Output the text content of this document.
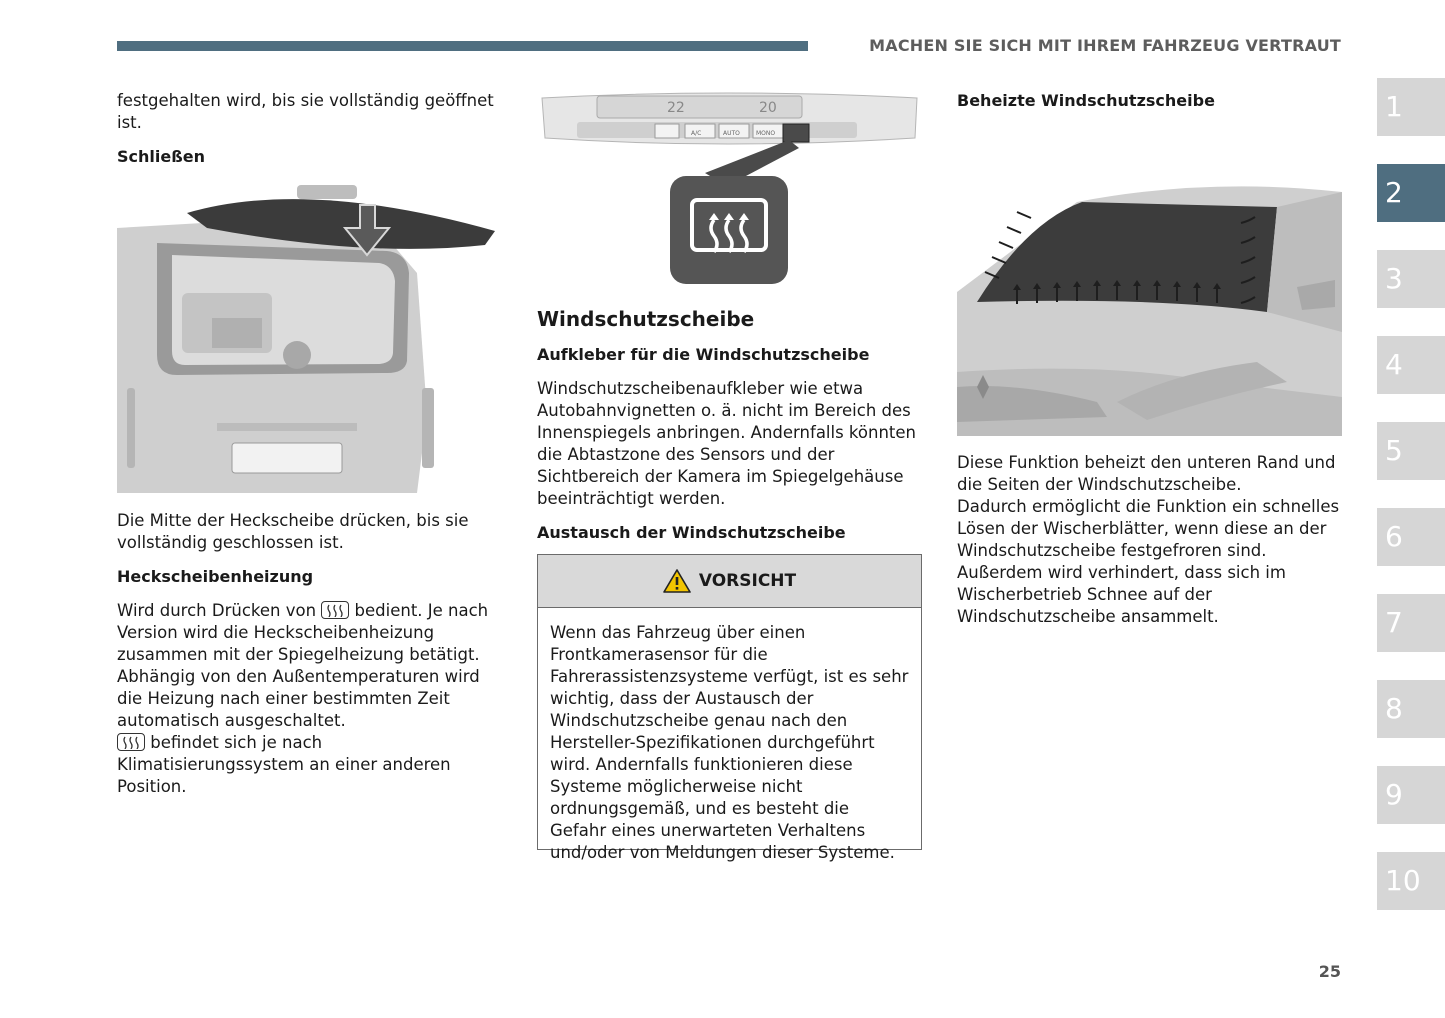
MACHEN SIE SICH MIT IHREM FAHRZEUG VERTRAUT

festgehalten wird, bis sie vollständig geöffnet ist.

Schließen

Die Mitte der Heckscheibe drücken, bis sie vollständig geschlossen ist.

Heckscheibenheizung

Wird durch Drücken von bedient. Je nach Version wird die Heckscheibenheizung zusammen mit der Spiegelheizung betätigt.

Abhängig von den Außentemperaturen wird die Heizung nach einer bestimmten Zeit automatisch ausgeschaltet.

befindet sich je nach Klimatisierungssystem an einer anderen Position.

22	20
A/C	AUTO	MONO

Windschutzscheibe

Aufkleber für die Windschutzscheibe

Windschutzscheibenaufkleber wie etwa Autobahnvignetten o. ä. nicht im Bereich des Innenspiegels anbringen. Andernfalls könnten die Abtastzone des Sensors und der Sichtbereich der Kamera im Spiegelgehäuse beeinträchtigt werden.

Austausch der Windschutzscheibe

VORSICHT
Wenn das Fahrzeug über einen Frontkamerasensor für die Fahrerassistenzsysteme verfügt, ist es sehr wichtig, dass der Austausch der Windschutzscheibe genau nach den Hersteller-Spezifikationen durchgeführt wird. Andernfalls funktionieren diese Systeme möglicherweise nicht ordnungsgemäß, und es besteht die Gefahr eines unerwarteten Verhaltens und/oder von Meldungen dieser Systeme.

Beheizte Windschutzscheibe

Diese Funktion beheizt den unteren Rand und die Seiten der Windschutzscheibe.

Dadurch ermöglicht die Funktion ein schnelles Lösen der Wischerblätter, wenn diese an der Windschutzscheibe festgefroren sind. Außerdem wird verhindert, dass sich im Wischerbetrieb Schnee auf der Windschutzscheibe ansammelt.

1
2
3
4
5
6
7
8
9
10
25
